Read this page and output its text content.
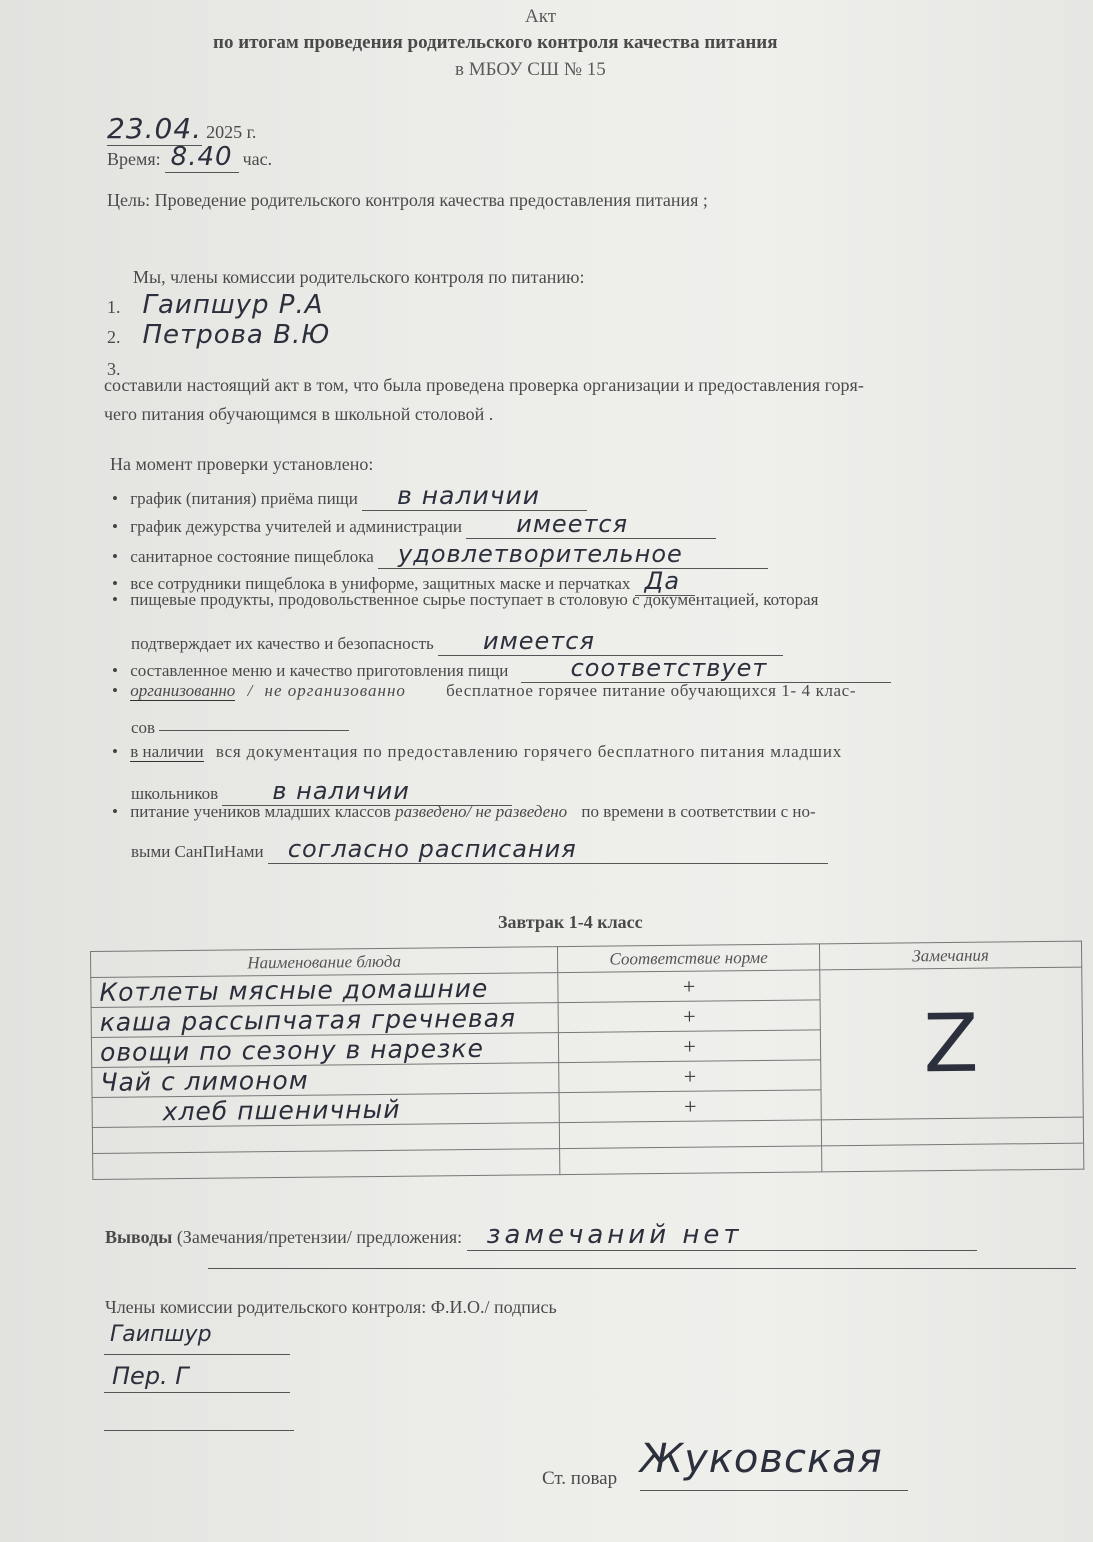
Акт
по итогам проведения родительского контроля качества питания
в МБОУ СШ № 15
23.04. 2025 г.
Время: 8.40 час.
Цель: Проведение родительского контроля качества предоставления питания ;
Мы, члены комиссии родительского контроля по питанию:
1. Гаипшур Р.А
2. Петрова В.Ю
3.
составили настоящий акт в том, что была проведена проверка организации и предоставления горя-
чего питания обучающимся в школьной столовой .
На момент проверки установлено:
• график (питания) приёма пищи в наличии
• график дежурства учителей и администрации имеется
• санитарное состояние пищеблока удовлетворительное
• все сотрудники пищеблока в униформе, защитных маске и перчатках Да
• пищевые продукты, продовольственное сырье поступает в столовую с документацией, которая
подтверждает их качество и безопасность имеется
• составленное меню и качество приготовления пищи	соответствует
• организованно / не организованно бесплатное горячее питание обучающихся 1- 4 клас-
сов
• в наличии вся документация по предоставлению горячего бесплатного питания младших
школьников в наличии
• питание учеников младших классов разведено/ не разведено по времени в соответствии с но-
выми СанПиНами согласно расписания
Завтрак 1-4 класс
Наименование блюда	Соответствие норме	Замечания
Котлеты мясные домашние	+	Z
каша рассыпчатая гречневая	+	
овощи по сезону в нарезке	+	
Чай с лимоном	+	
хлеб пшеничный	+	

Выводы (Замечания/претензии/ предложения: замечаний нет
Члены комиссии родительского контроля: Ф.И.О./ подпись
Гаипшур
Пер. Г
Ст. повар Жуковская
